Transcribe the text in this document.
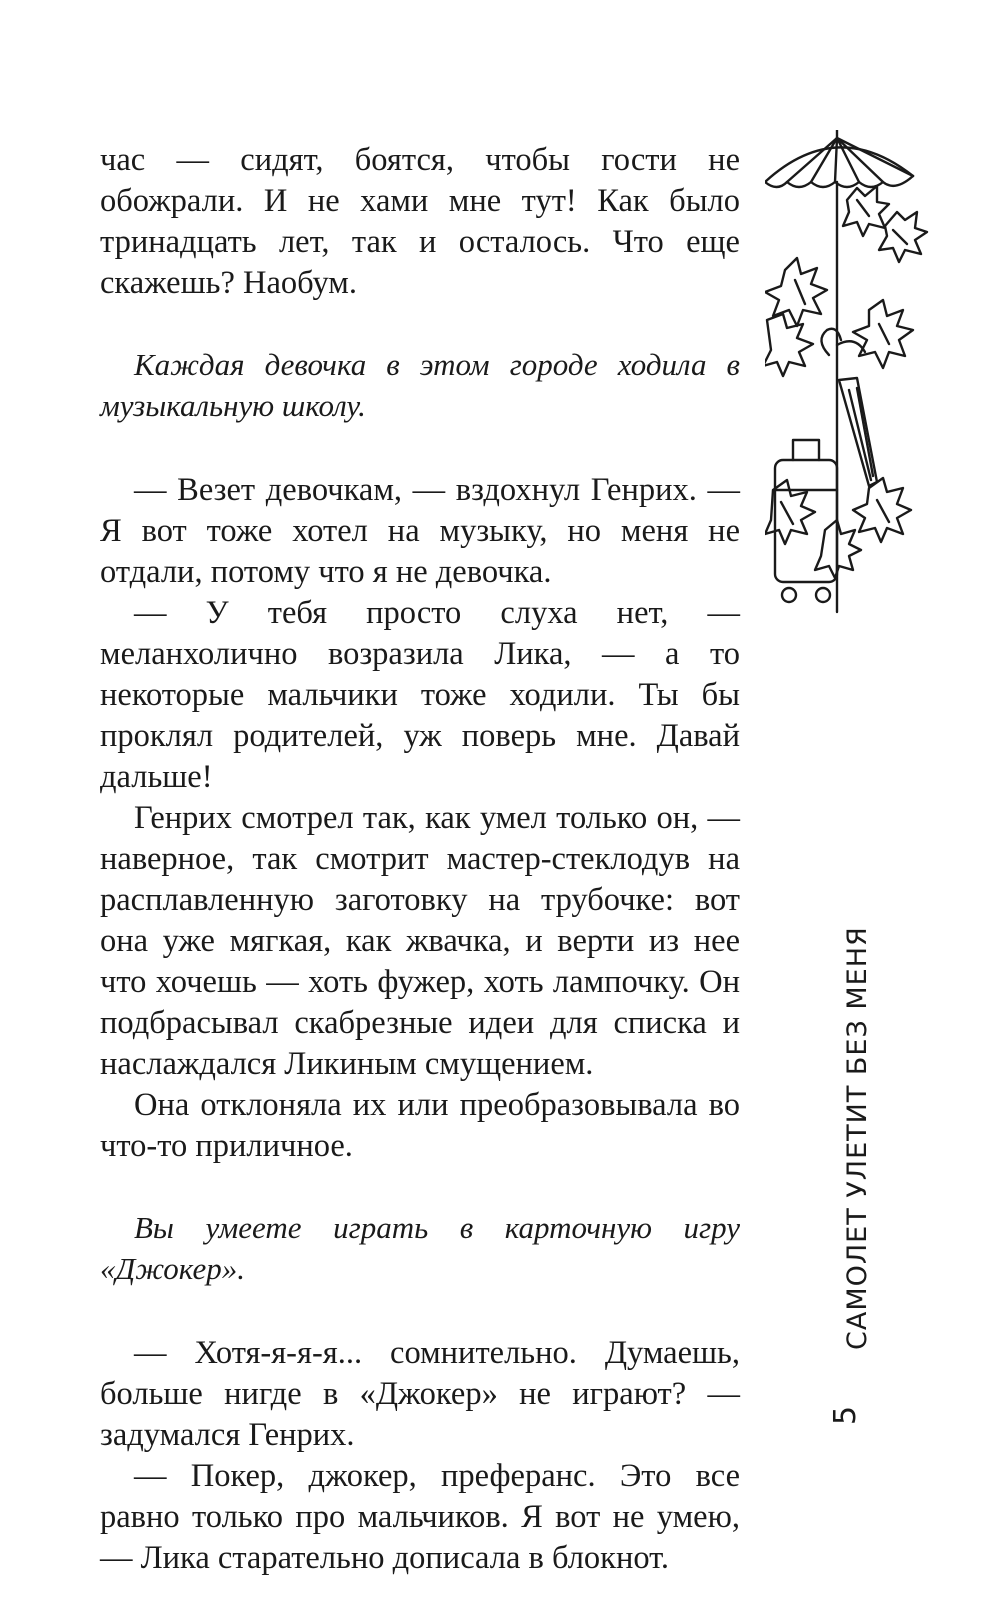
час — сидят, боятся, чтобы гости не обожрали. И не хами мне тут! Как было тринадцать лет, так и осталось. Что еще скажешь? Наобум.

Каждая девочка в этом городе ходила в музыкальную школу.

— Везет девочкам, — вздохнул Генрих. — Я вот тоже хотел на музыку, но меня не отдали, потому что я не девочка.

— У тебя просто слуха нет, — меланхолично возразила Лика, — а то некоторые мальчики тоже ходили. Ты бы проклял родителей, уж поверь мне. Давай дальше!

Генрих смотрел так, как умел только он, — наверное, так смотрит мастер-стеклодув на расплавленную заготовку на трубочке: вот она уже мягкая, как жвачка, и верти из нее что хочешь — хоть фужер, хоть лампочку. Он подбрасывал скабрезные идеи для списка и наслаждался Ликиным смущением.

Она отклоняла их или преобразовывала во что-то приличное.

Вы умеете играть в карточную игру «Джокер».

— Хотя-я-я-я... сомнительно. Думаешь, больше нигде в «Джокер» не играют? — задумался Генрих.

— Покер, джокер, преферанс. Это все равно только про мальчиков. Я вот не умею, — Лика старательно дописала в блокнот.

САМОЛЕТ УЛЕТИТ БЕЗ МЕНЯ
5
